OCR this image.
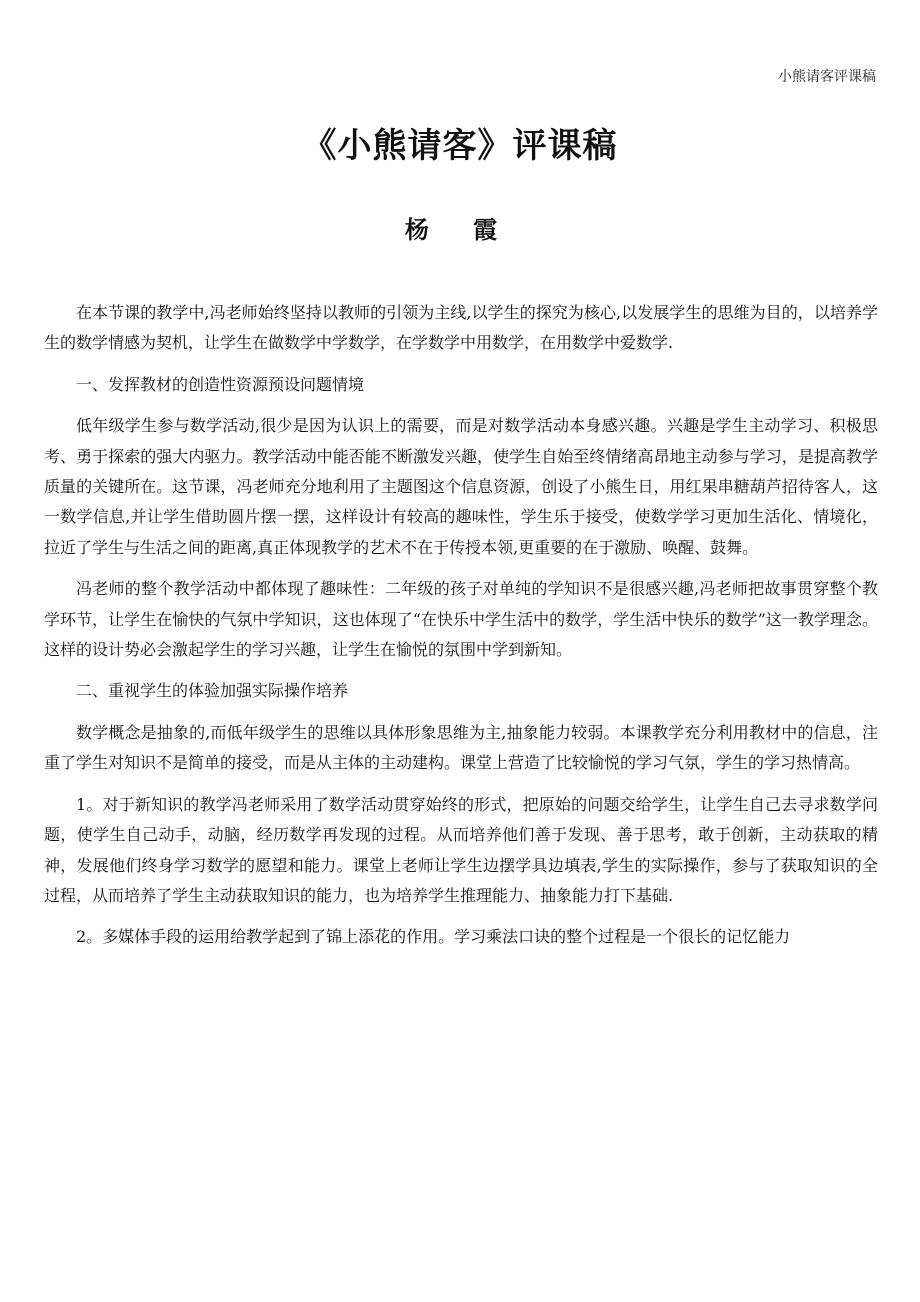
小熊请客评课稿
《小熊请客》评课稿
杨 霞

在本节课的教学中,冯老师始终坚持以教师的引领为主线,以学生的探究为核心,以发展学生的思维为目的，以培养学生的数学情感为契机，让学生在做数学中学数学，在学数学中用数学，在用数学中爱数学.

一、发挥教材的创造性资源预设问题情境

低年级学生参与数学活动,很少是因为认识上的需要，而是对数学活动本身感兴趣。兴趣是学生主动学习、积极思考、勇于探索的强大内驱力。教学活动中能否能不断激发兴趣，使学生自始至终情绪高昂地主动参与学习，是提高教学质量的关键所在。这节课，冯老师充分地利用了主题图这个信息资源，创设了小熊生日，用红果串糖葫芦招待客人，这一数学信息,并让学生借助圆片摆一摆，这样设计有较高的趣味性，学生乐于接受，使数学学习更加生活化、情境化，拉近了学生与生活之间的距离,真正体现教学的艺术不在于传授本领,更重要的在于激励、唤醒、鼓舞。

冯老师的整个教学活动中都体现了趣味性：二年级的孩子对单纯的学知识不是很感兴趣,冯老师把故事贯穿整个教学环节，让学生在愉快的气氛中学知识，这也体现了“在快乐中学生活中的数学，学生活中快乐的数学”这一教学理念。这样的设计势必会激起学生的学习兴趣，让学生在愉悦的氛围中学到新知。

二、重视学生的体验加强实际操作培养

数学概念是抽象的,而低年级学生的思维以具体形象思维为主,抽象能力较弱。本课教学充分利用教材中的信息，注重了学生对知识不是简单的接受，而是从主体的主动建构。课堂上营造了比较愉悦的学习气氛，学生的学习热情高。

1。对于新知识的教学冯老师采用了数学活动贯穿始终的形式，把原始的问题交给学生，让学生自己去寻求数学问题，使学生自己动手，动脑，经历数学再发现的过程。从而培养他们善于发现、善于思考，敢于创新，主动获取的精神，发展他们终身学习数学的愿望和能力。课堂上老师让学生边摆学具边填表,学生的实际操作，参与了获取知识的全过程，从而培养了学生主动获取知识的能力，也为培养学生推理能力、抽象能力打下基础.

2。多媒体手段的运用给教学起到了锦上添花的作用。学习乘法口诀的整个过程是一个很长的记忆能力
